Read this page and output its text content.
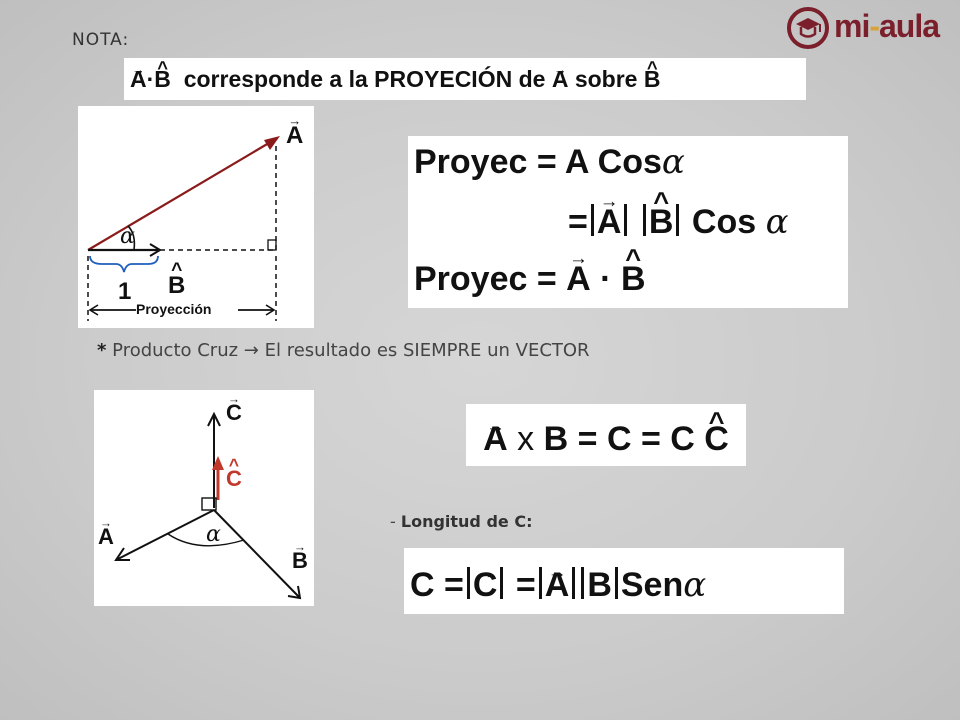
mi-aula
NOTA:
→ A·^ B corresponde a la PROYECIÓN de → A sobre ^ B
→ A
α
^ B
1
Proyección
Proyec = A Cosα
= → A ^ B Cos α
Proyec = → A · ^ B
* Producto Cruz → El resultado es SIEMPRE un VECTOR
→ C
^ C
→ A
→ B
α
→ A x → B = → C = C ^ C
- Longitud de C:
C = → C = → A → B Senα
